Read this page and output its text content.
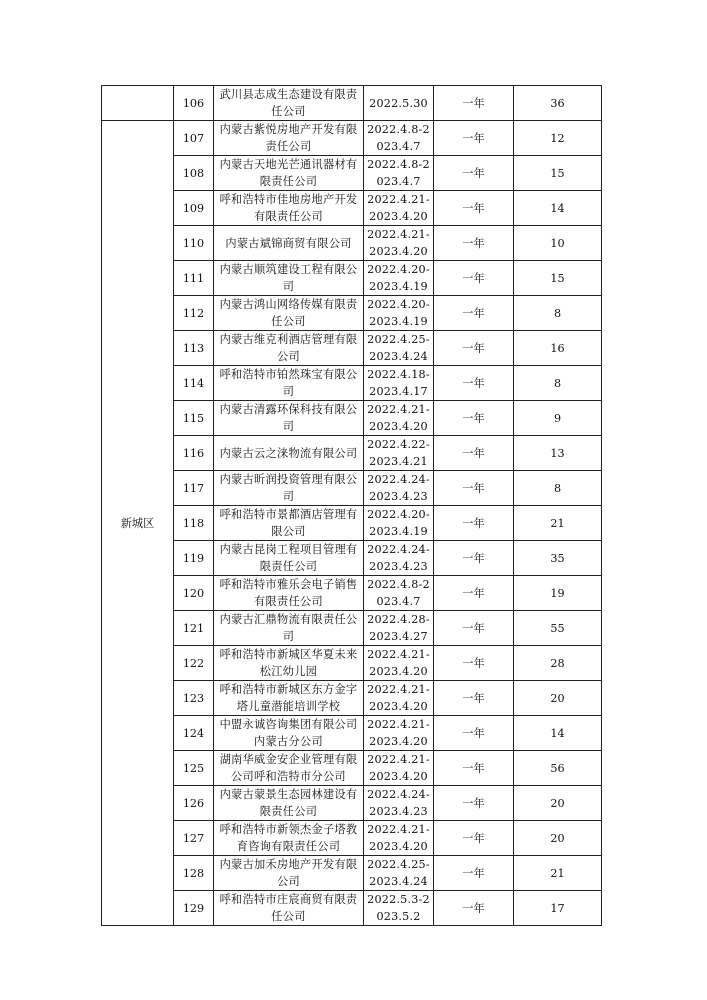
	106	武川县志成生态建设有限责任公司	2022.5.30	一年	36
新城区	107	内蒙古紫悦房地产开发有限责任公司	2022.4.8-2023.4.7	一年	12
	108	内蒙古天地光芒通讯器材有限责任公司	2022.4.8-2023.4.7	一年	15
	109	呼和浩特市佳地房地产开发有限责任公司	2022.4.21-2023.4.20	一年	14
	110	内蒙古斌锦商贸有限公司	2022.4.21-2023.4.20	一年	10
	111	内蒙古顺筑建设工程有限公司	2022.4.20-2023.4.19	一年	15
	112	内蒙古鸿山网络传媒有限责任公司	2022.4.20-2023.4.19	一年	8
	113	内蒙古维克利酒店管理有限公司	2022.4.25-2023.4.24	一年	16
	114	呼和浩特市铂然珠宝有限公司	2022.4.18-2023.4.17	一年	8
	115	内蒙古清露环保科技有限公司	2022.4.21-2023.4.20	一年	9
	116	内蒙古云之涞物流有限公司	2022.4.22-2023.4.21	一年	13
	117	内蒙古昕润投资管理有限公司	2022.4.24-2023.4.23	一年	8
	118	呼和浩特市景都酒店管理有限公司	2022.4.20-2023.4.19	一年	21
	119	内蒙古昆岗工程项目管理有限责任公司	2022.4.24-2023.4.23	一年	35
	120	呼和浩特市雅乐会电子销售有限责任公司	2022.4.8-2023.4.7	一年	19
	121	内蒙古汇鼎物流有限责任公司	2022.4.28-2023.4.27	一年	55
	122	呼和浩特市新城区华夏未来松江幼儿园	2022.4.21-2023.4.20	一年	28
	123	呼和浩特市新城区东方金字塔儿童潜能培训学校	2022.4.21-2023.4.20	一年	20
	124	中盟永诚咨询集团有限公司内蒙古分公司	2022.4.21-2023.4.20	一年	14
	125	湖南华威金安企业管理有限公司呼和浩特市分公司	2022.4.21-2023.4.20	一年	56
	126	内蒙古蒙景生态园林建设有限责任公司	2022.4.24-2023.4.23	一年	20
	127	呼和浩特市新领杰金子塔教育咨询有限责任公司	2022.4.21-2023.4.20	一年	20
	128	内蒙古加禾房地产开发有限公司	2022.4.25-2023.4.24	一年	21
	129	呼和浩特市庄宸商贸有限责任公司	2022.5.3-2023.5.2	一年	17
